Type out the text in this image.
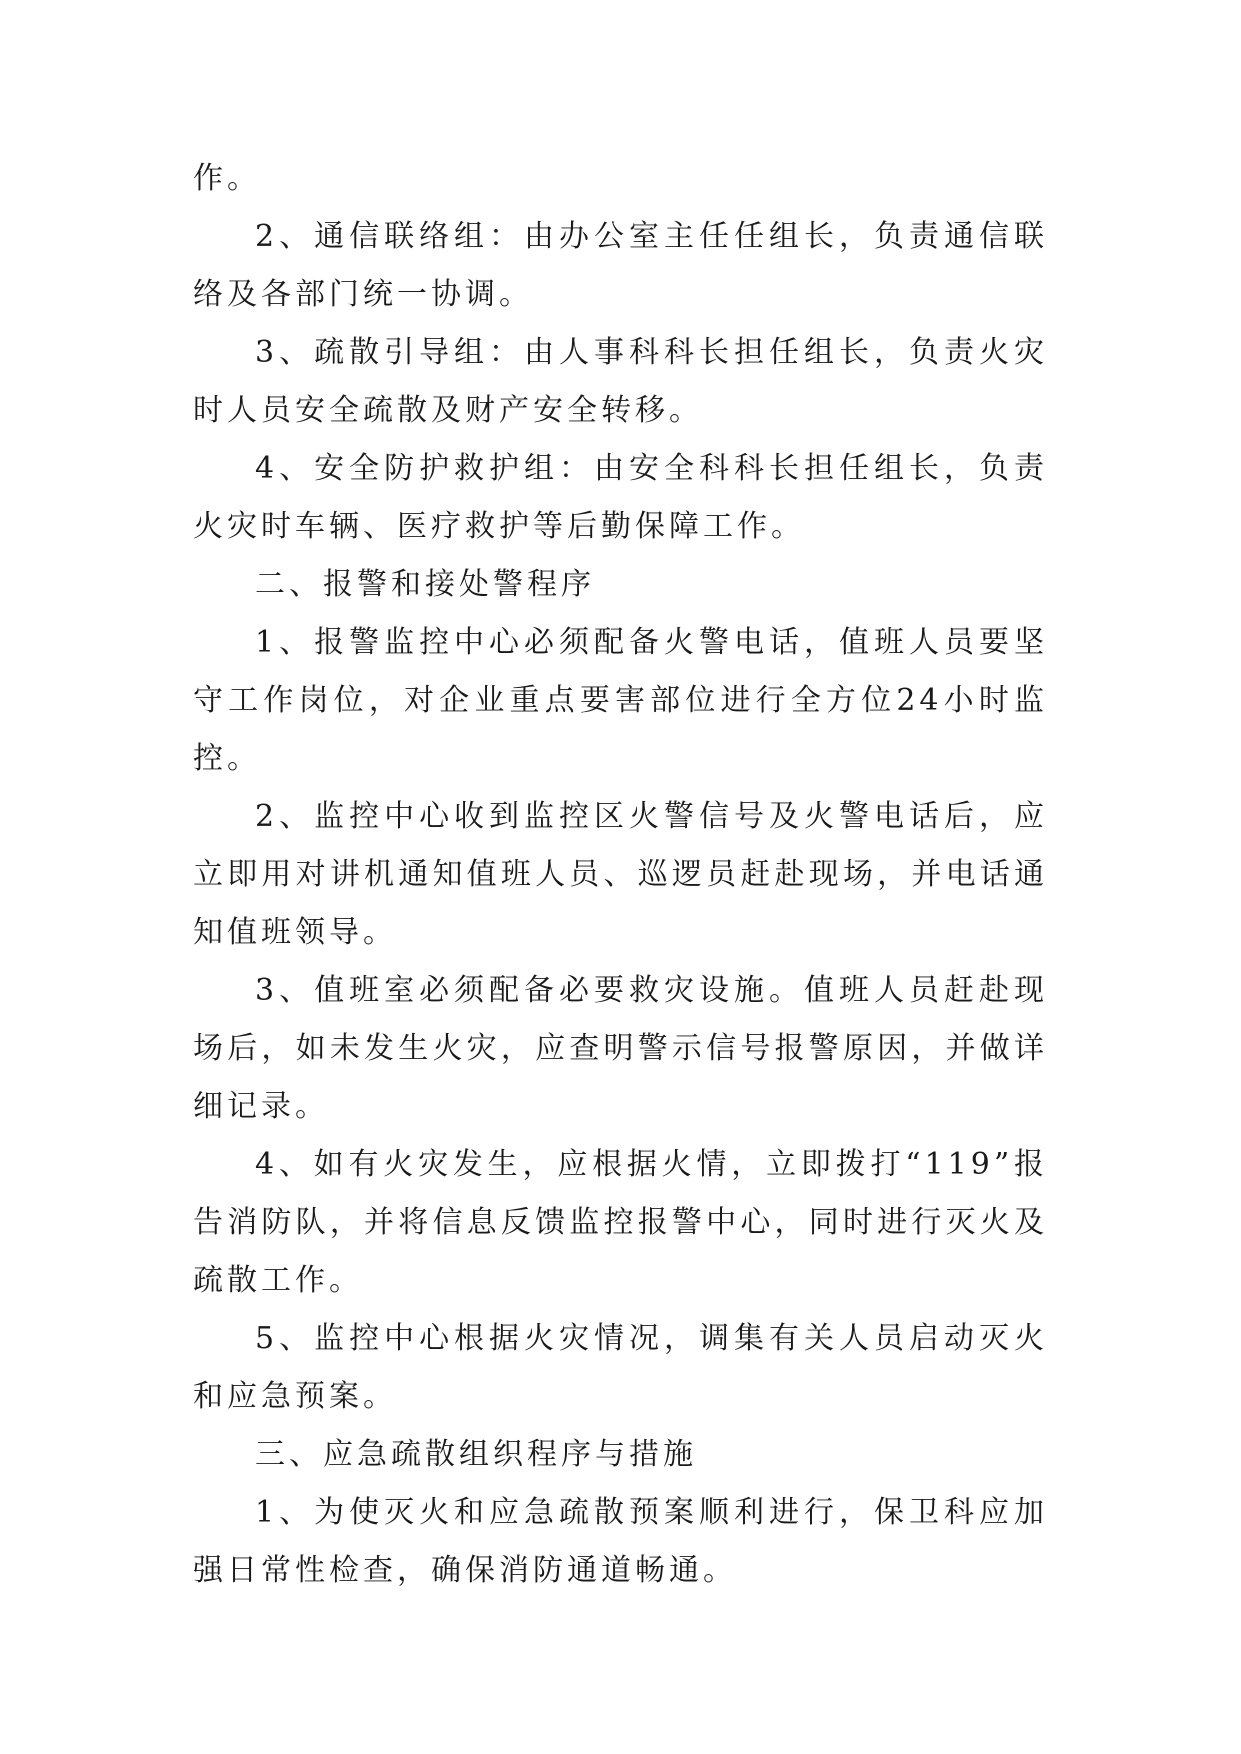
作。

2、通信联络组：由办公室主任任组长，负责通信联络及各部门统一协调。

3、疏散引导组：由人事科科长担任组长，负责火灾时人员安全疏散及财产安全转移。

4、安全防护救护组：由安全科科长担任组长，负责火灾时车辆、医疗救护等后勤保障工作。

二、报警和接处警程序

1、报警监控中心必须配备火警电话，值班人员要坚守工作岗位，对企业重点要害部位进行全方位24小时监控。

2、监控中心收到监控区火警信号及火警电话后，应立即用对讲机通知值班人员、巡逻员赶赴现场，并电话通知值班领导。

3、值班室必须配备必要救灾设施。值班人员赶赴现场后，如未发生火灾，应查明警示信号报警原因，并做详细记录。

4、如有火灾发生，应根据火情，立即拨打“119”报告消防队，并将信息反馈监控报警中心，同时进行灭火及疏散工作。

5、监控中心根据火灾情况，调集有关人员启动灭火和应急预案。

三、应急疏散组织程序与措施

1、为使灭火和应急疏散预案顺利进行，保卫科应加强日常性检查，确保消防通道畅通。
